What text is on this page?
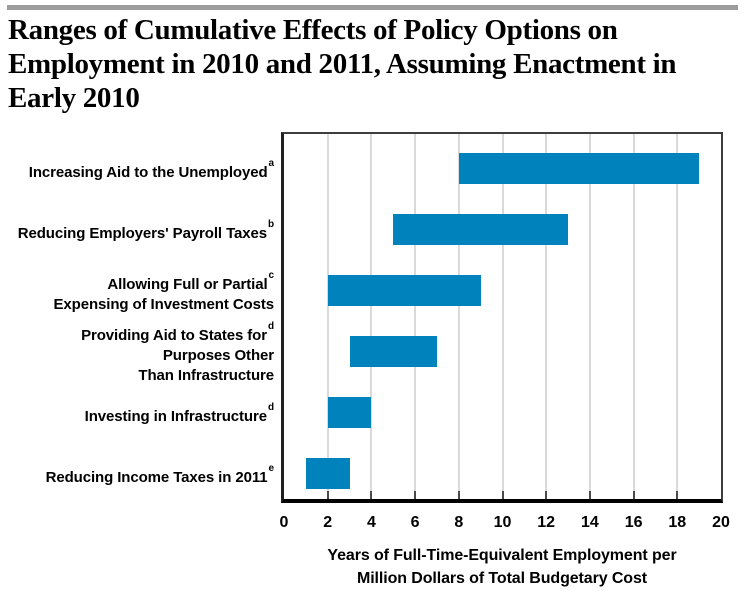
Ranges of Cumulative Effects of Policy Options on
Employment in 2010 and 2011, Assuming Enactment in
Early 2010
Increasing Aid to the Unemployed$^a$
Reducing Employers' Payroll Taxes$^b$
Allowing Full or Partial$^c$
Expensing of Investment Costs
Providing Aid to States for$^d$
Purposes Other
Than Infrastructure
Investing in Infrastructure$^d$
Reducing Income Taxes in 2011e
0	2	4	6	8	10	12	14	16	18	20
Years of Full-Time-Equivalent Employment per
Million Dollars of Total Budgetary Cost
